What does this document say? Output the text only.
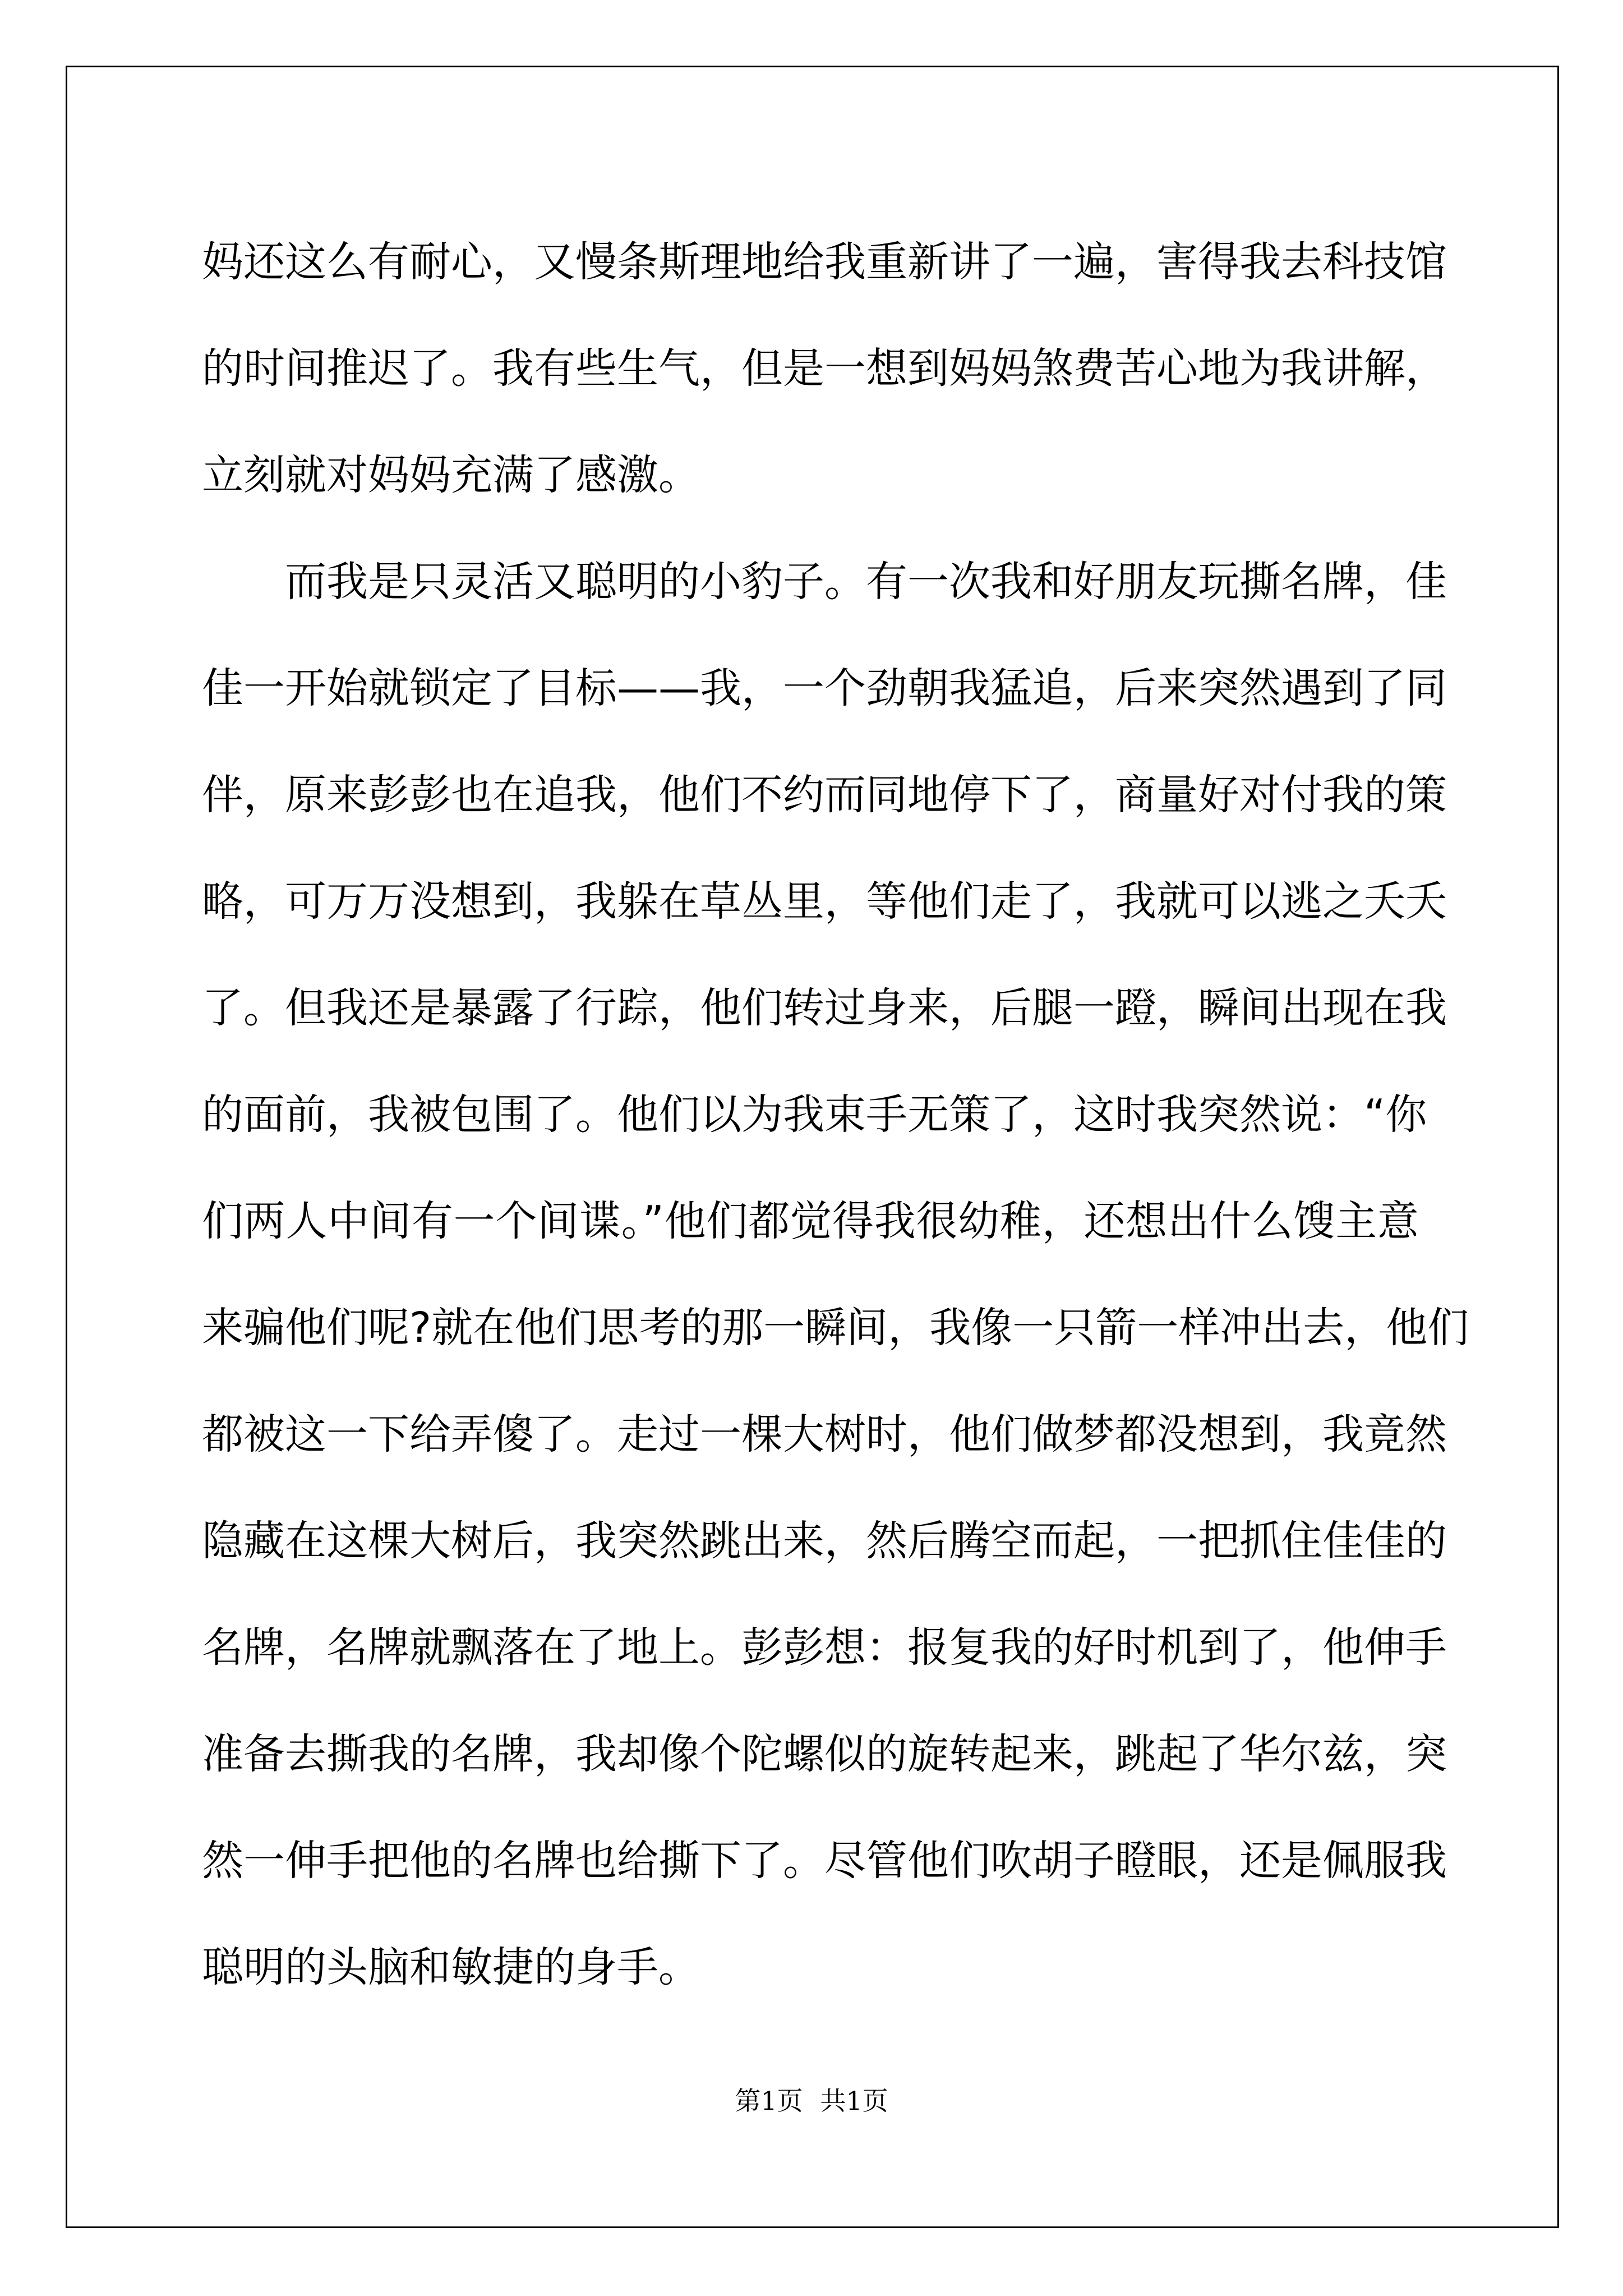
妈还这么有耐心，又慢条斯理地给我重新讲了一遍，害得我去科技馆
的时间推迟了。我有些生气，但是一想到妈妈煞费苦心地为我讲解，
立刻就对妈妈充满了感激。
　　而我是只灵活又聪明的小豹子。有一次我和好朋友玩撕名牌，佳
佳一开始就锁定了目标——我，一个劲朝我猛追，后来突然遇到了同
伴，原来彭彭也在追我，他们不约而同地停下了，商量好对付我的策
略，可万万没想到，我躲在草丛里，等他们走了，我就可以逃之夭夭
了。但我还是暴露了行踪，他们转过身来，后腿一蹬，瞬间出现在我
的面前，我被包围了。他们以为我束手无策了，这时我突然说：“你
们两人中间有一个间谍。”他们都觉得我很幼稚，还想出什么馊主意
来骗他们呢?就在他们思考的那一瞬间，我像一只箭一样冲出去，他们
都被这一下给弄傻了。走过一棵大树时，他们做梦都没想到，我竟然
隐藏在这棵大树后，我突然跳出来，然后腾空而起，一把抓住佳佳的
名牌，名牌就飘落在了地上。彭彭想：报复我的好时机到了，他伸手
准备去撕我的名牌，我却像个陀螺似的旋转起来，跳起了华尔兹，突
然一伸手把他的名牌也给撕下了。尽管他们吹胡子瞪眼，还是佩服我
聪明的头脑和敏捷的身手。
第1页 共1页
